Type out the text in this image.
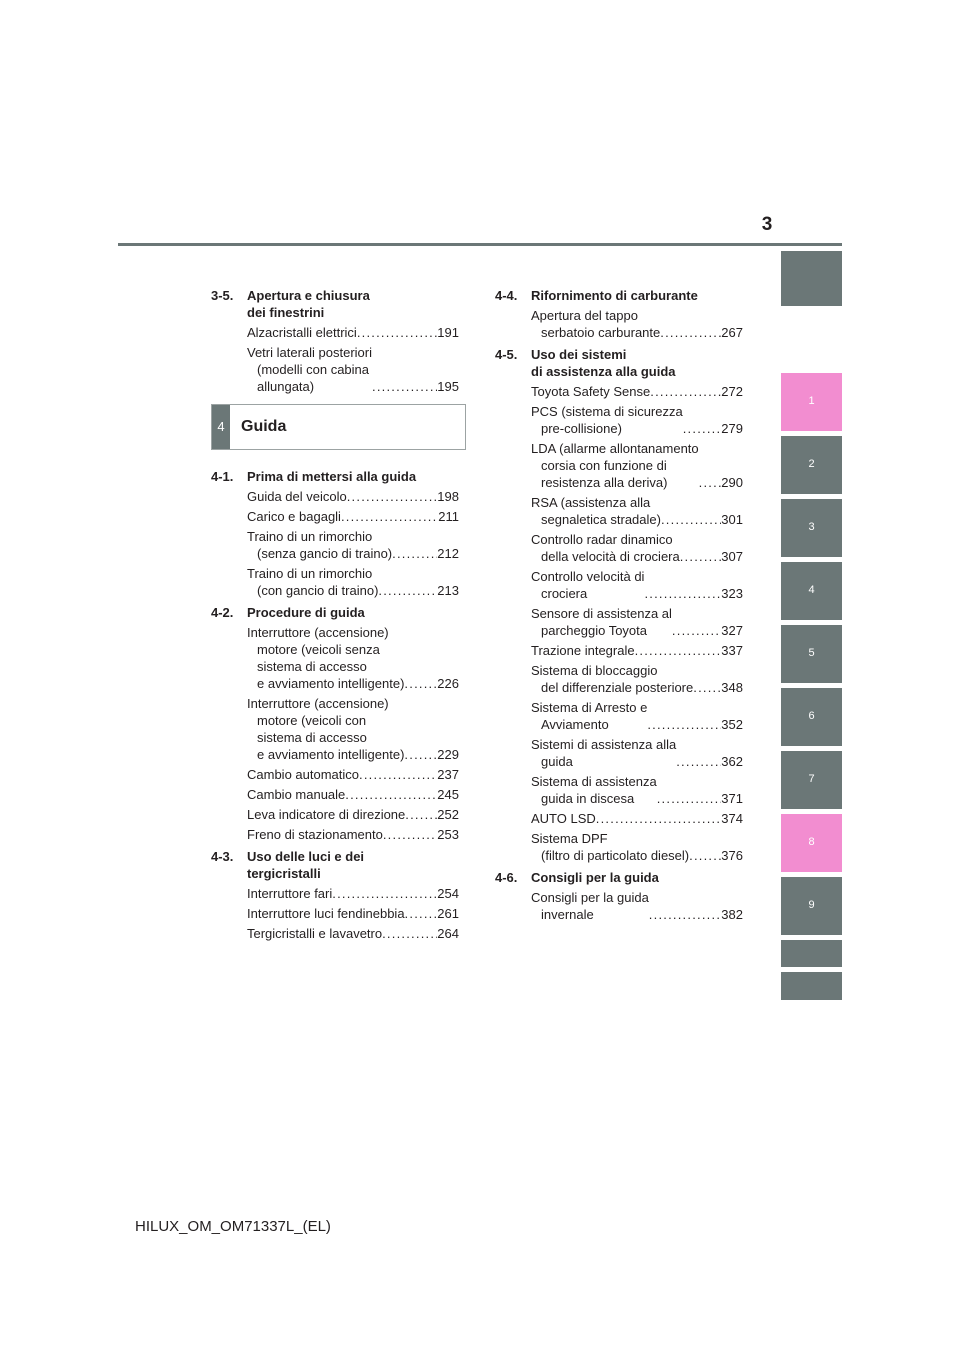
3
1
2
3
4
5
6
7
8
9
3-5.	Apertura e chiusura
dei finestrini
Alzacristalli elettrici . . .	191
Vetri laterali posteriori
(modelli con cabina
allungata) . . .	195
4	Guida
4-1.	Prima di mettersi alla guida
Guida del veicolo . . .	198
Carico e bagagli . . .	211
Traino di un rimorchio
(senza gancio di traino) . . .	212
Traino di un rimorchio
(con gancio di traino) . . .	213
4-2.	Procedure di guida
Interruttore (accensione)
motore (veicoli senza
sistema di accesso
e avviamento intelligente) . . .	226
Interruttore (accensione)
motore (veicoli con
sistema di accesso
e avviamento intelligente) . . .	229
Cambio automatico . . .	237
Cambio manuale . . .	245
Leva indicatore di direzione . . . 252
Freno di stazionamento . . .	253
4-3.	Uso delle luci e dei
tergicristalli
Interruttore fari . . .	254
Interruttore luci fendinebbia . . .	261
Tergicristalli e lavavetro . . .	264
4-4.	Rifornimento di carburante
Apertura del tappo
serbatoio carburante . . .	267
4-5.	Uso dei sistemi
di assistenza alla guida
Toyota Safety Sense . . .	272
PCS (sistema di sicurezza
pre-collisione) . . .	279
LDA (allarme allontanamento
corsia con funzione di
resistenza alla deriva) . . .	290
RSA (assistenza alla
segnaletica stradale) . . .	301
Controllo radar dinamico
della velocità di crociera . . .	307
Controllo velocità di
crociera . . .	323
Sensore di assistenza al
parcheggio Toyota . . .	327
Trazione integrale . . .	337
Sistema di bloccaggio
del differenziale posteriore . . . 348
Sistema di Arresto e
Avviamento . . .	352
Sistemi di assistenza alla
guida . . .	362
Sistema di assistenza
guida in discesa . . .	371
AUTO LSD . . .	374
Sistema DPF
(filtro di particolato diesel) . . . 376
4-6.	Consigli per la guida
Consigli per la guida
invernale . . .	382
HILUX_OM_OM71337L_(EL)
